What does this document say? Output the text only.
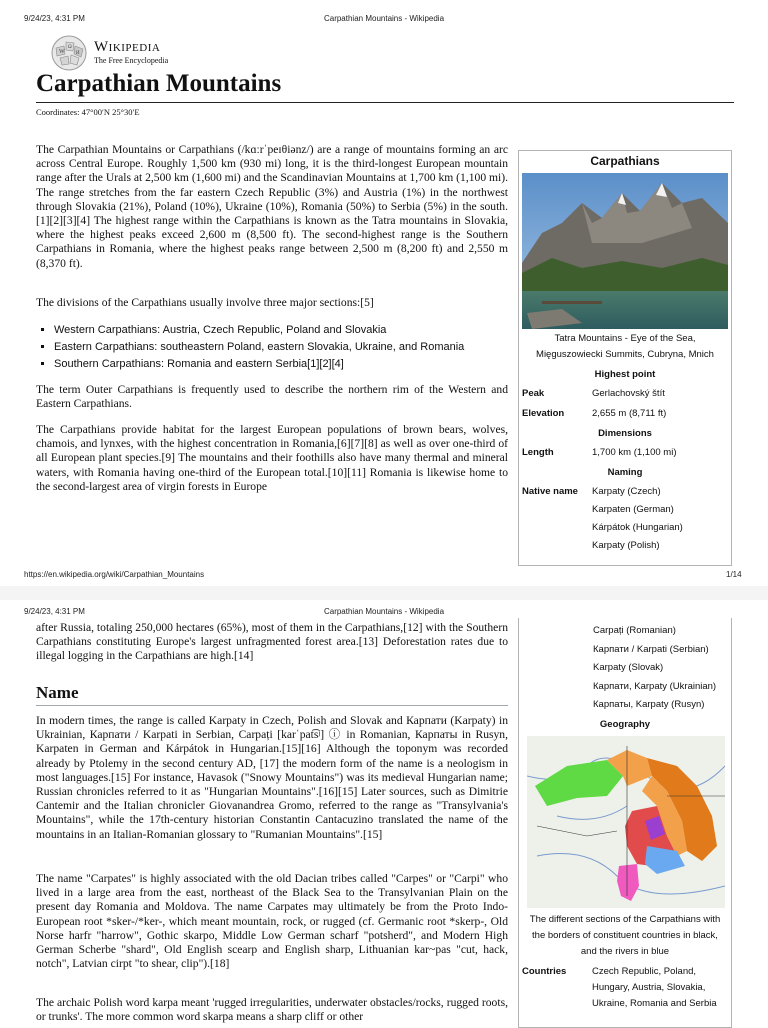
9/24/23, 4:31 PM	Carpathian Mountains - Wikipedia
W
Ω
И Wikipedia
The Free Encyclopedia
Carpathian Mountains
Coordinates: 47°00′N 25°30′E
The Carpathian Mountains or Carpathians (/kɑːrˈpeɪθiənz/) are a range of mountains forming an arc across Central Europe. Roughly 1,500 km (930 mi) long, it is the third-longest European mountain range after the Urals at 2,500 km (1,600 mi) and the Scandinavian Mountains at 1,700 km (1,100 mi). The range stretches from the far eastern Czech Republic (3%) and Austria (1%) in the northwest through Slovakia (21%), Poland (10%), Ukraine (10%), Romania (50%) to Serbia (5%) in the south.[1][2][3][4] The highest range within the Carpathians is known as the Tatra mountains in Slovakia, where the highest peaks exceed 2,600 m (8,500 ft). The second-highest range is the Southern Carpathians in Romania, where the highest peaks range between 2,500 m (8,200 ft) and 2,550 m (8,370 ft).
The divisions of the Carpathians usually involve three major sections:[5]
▪ Western Carpathians: Austria, Czech Republic, Poland and Slovakia
▪ Eastern Carpathians: southeastern Poland, eastern Slovakia, Ukraine, and Romania
▪ Southern Carpathians: Romania and eastern Serbia[1][2][4]
The term Outer Carpathians is frequently used to describe the northern rim of the Western and Eastern Carpathians.
The Carpathians provide habitat for the largest European populations of brown bears, wolves, chamois, and lynxes, with the highest concentration in Romania,[6][7][8] as well as over one-third of all European plant species.[9] The mountains and their foothills also have many thermal and mineral waters, with Romania having one-third of the European total.[10][11] Romania is likewise home to the second-largest area of virgin forests in Europe
Carpathians
Tatra Mountains - Eye of the Sea, Mięguszowiecki Summits, Cubryna, Mnich
Highest point
Peak	Gerlachovský štít
Elevation	2,655 m (8,711 ft)
Dimensions
Length	1,700 km (1,100 mi)
Naming
Native name	Karpaty (Czech)
Karpaten (German)
Kárpátok (Hungarian)
Karpaty (Polish)
https://en.wikipedia.org/wiki/Carpathian_Mountains	1/14
9/24/23, 4:31 PM	Carpathian Mountains - Wikipedia
after Russia, totaling 250,000 hectares (65%), most of them in the Carpathians,[12] with the Southern Carpathians constituting Europe's largest unfragmented forest area.[13] Deforestation rates due to illegal logging in the Carpathians are high.[14]
Name
In modern times, the range is called Karpaty in Czech, Polish and Slovak and Карпати (Karpaty) in Ukrainian, Карпати / Karpati in Serbian, Carpați [karˈpat͡sʲ] ⓘ in Romanian, Карпаты in Rusyn, Karpaten in German and Kárpátok in Hungarian.[15][16] Although the toponym was recorded already by Ptolemy in the second century AD, [17] the modern form of the name is a neologism in most languages.[15] For instance, Havasok ("Snowy Mountains") was its medieval Hungarian name; Russian chronicles referred to it as "Hungarian Mountains".[16][15] Later sources, such as Dimitrie Cantemir and the Italian chronicler Giovanandrea Gromo, referred to the range as "Transylvania's Mountains", while the 17th-century historian Constantin Cantacuzino translated the name of the mountains in an Italian-Romanian glossary to "Rumanian Mountains".[15]
The name "Carpates" is highly associated with the old Dacian tribes called "Carpes" or "Carpi" who lived in a large area from the east, northeast of the Black Sea to the Transylvanian Plain on the present day Romania and Moldova. The name Carpates may ultimately be from the Proto Indo-European root *sker-/*ker-, which meant mountain, rock, or rugged (cf. Germanic root *skerp-, Old Norse harfr "harrow", Gothic skarpo, Middle Low German scharf "potsherd", and Modern High German Scherbe "shard", Old English scearp and English sharp, Lithuanian kar~pas "cut, hack, notch", Latvian cirpt "to shear, clip").[18]
The archaic Polish word karpa meant 'rugged irregularities, underwater obstacles/rocks, rugged roots, or trunks'. The more common word skarpa means a sharp cliff or other
Carpați (Romanian)
Карпати / Karpati (Serbian)
Karpaty (Slovak)
Карпати, Karpaty (Ukrainian)
Карпаты, Karpaty (Rusyn)
Geography
The different sections of the Carpathians with the borders of constituent countries in black, and the rivers in blue
Countries	Czech Republic, Poland, Hungary, Austria, Slovakia, Ukraine, Romania and Serbia
